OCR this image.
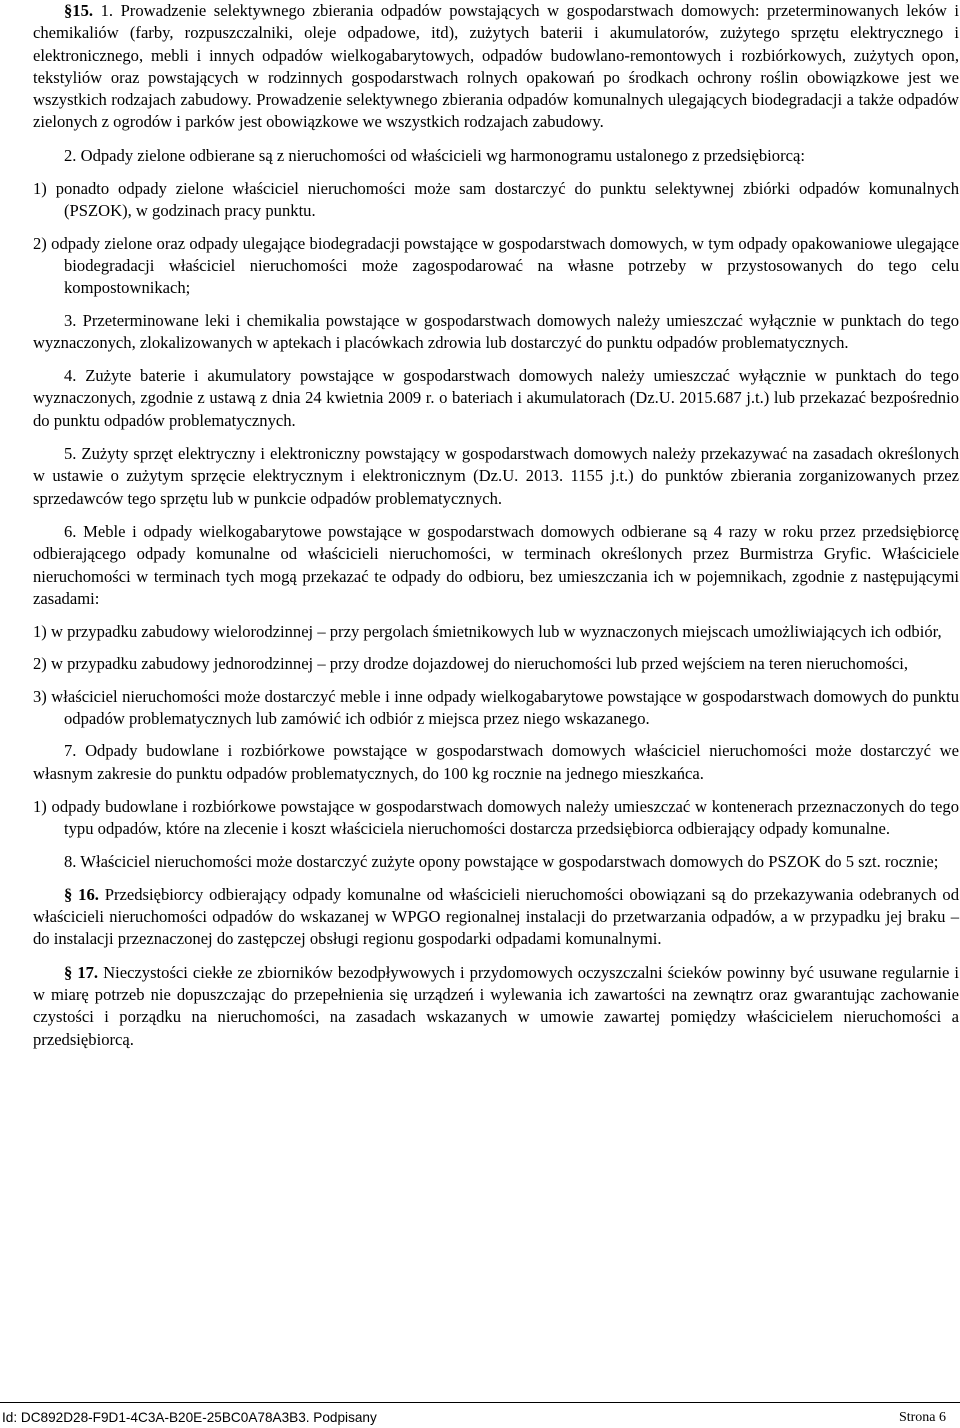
§15. 1. Prowadzenie selektywnego zbierania odpadów powstających w gospodarstwach domowych: przeterminowanych leków i chemikaliów (farby, rozpuszczalniki, oleje odpadowe, itd), zużytych baterii i akumulatorów, zużytego sprzętu elektrycznego i elektronicznego, mebli i innych odpadów wielkogabarytowych, odpadów budowlano-remontowych i rozbiórkowych, zużytych opon, tekstyliów oraz powstających w rodzinnych gospodarstwach rolnych opakowań po środkach ochrony roślin obowiązkowe jest we wszystkich rodzajach zabudowy. Prowadzenie selektywnego zbierania odpadów komunalnych ulegających biodegradacji a także odpadów zielonych z ogrodów i parków jest obowiązkowe we wszystkich rodzajach zabudowy.

2. Odpady zielone odbierane są z nieruchomości od właścicieli wg harmonogramu ustalonego z przedsiębiorcą:

1) ponadto odpady zielone właściciel nieruchomości może sam dostarczyć do punktu selektywnej zbiórki odpadów komunalnych (PSZOK), w godzinach pracy punktu.

2) odpady zielone oraz odpady ulegające biodegradacji powstające w gospodarstwach domowych, w tym odpady opakowaniowe ulegające biodegradacji właściciel nieruchomości może zagospodarować na własne potrzeby w przystosowanych do tego celu kompostownikach;

3. Przeterminowane leki i chemikalia powstające w gospodarstwach domowych należy umieszczać wyłącznie w punktach do tego wyznaczonych, zlokalizowanych w aptekach i placówkach zdrowia lub dostarczyć do punktu odpadów problematycznych.

4. Zużyte baterie i akumulatory powstające w gospodarstwach domowych należy umieszczać wyłącznie w punktach do tego wyznaczonych, zgodnie z ustawą z dnia 24 kwietnia 2009 r. o bateriach i akumulatorach (Dz.U. 2015.687 j.t.) lub przekazać bezpośrednio do punktu odpadów problematycznych.

5. Zużyty sprzęt elektryczny i elektroniczny powstający w gospodarstwach domowych należy przekazywać na zasadach określonych w ustawie o zużytym sprzęcie elektrycznym i elektronicznym (Dz.U. 2013. 1155 j.t.) do punktów zbierania zorganizowanych przez sprzedawców tego sprzętu lub w punkcie odpadów problematycznych.

6. Meble i odpady wielkogabarytowe powstające w gospodarstwach domowych odbierane są 4 razy w roku przez przedsiębiorcę odbierającego odpady komunalne od właścicieli nieruchomości, w terminach określonych przez Burmistrza Gryfic. Właściciele nieruchomości w terminach tych mogą przekazać te odpady do odbioru, bez umieszczania ich w pojemnikach, zgodnie z następującymi zasadami:

1) w przypadku zabudowy wielorodzinnej – przy pergolach śmietnikowych lub w wyznaczonych miejscach umożliwiających ich odbiór,

2) w przypadku zabudowy jednorodzinnej – przy drodze dojazdowej do nieruchomości lub przed wejściem na teren nieruchomości,

3) właściciel nieruchomości może dostarczyć meble i inne odpady wielkogabarytowe powstające w gospodarstwach domowych do punktu odpadów problematycznych lub zamówić ich odbiór z miejsca przez niego wskazanego.

7. Odpady budowlane i rozbiórkowe powstające w gospodarstwach domowych właściciel nieruchomości może dostarczyć we własnym zakresie do punktu odpadów problematycznych, do 100 kg rocznie na jednego mieszkańca.

1) odpady budowlane i rozbiórkowe powstające w gospodarstwach domowych należy umieszczać w kontenerach przeznaczonych do tego typu odpadów, które na zlecenie i koszt właściciela nieruchomości dostarcza przedsiębiorca odbierający odpady komunalne.

8. Właściciel nieruchomości może dostarczyć zużyte opony powstające w gospodarstwach domowych do PSZOK do 5 szt. rocznie;

§ 16. Przedsiębiorcy odbierający odpady komunalne od właścicieli nieruchomości obowiązani są do przekazywania odebranych od właścicieli nieruchomości odpadów do wskazanej w WPGO regionalnej instalacji do przetwarzania odpadów, a w przypadku jej braku – do instalacji przeznaczonej do zastępczej obsługi regionu gospodarki odpadami komunalnymi.

§ 17. Nieczystości ciekłe ze zbiorników bezodpływowych i przydomowych oczyszczalni ścieków powinny być usuwane regularnie i w miarę potrzeb nie dopuszczając do przepełnienia się urządzeń i wylewania ich zawartości na zewnątrz oraz gwarantując zachowanie czystości i porządku na nieruchomości, na zasadach wskazanych w umowie zawartej pomiędzy właścicielem nieruchomości a przedsiębiorcą.

Id: DC892D28-F9D1-4C3A-B20E-25BC0A78A3B3. Podpisany	Strona 6
